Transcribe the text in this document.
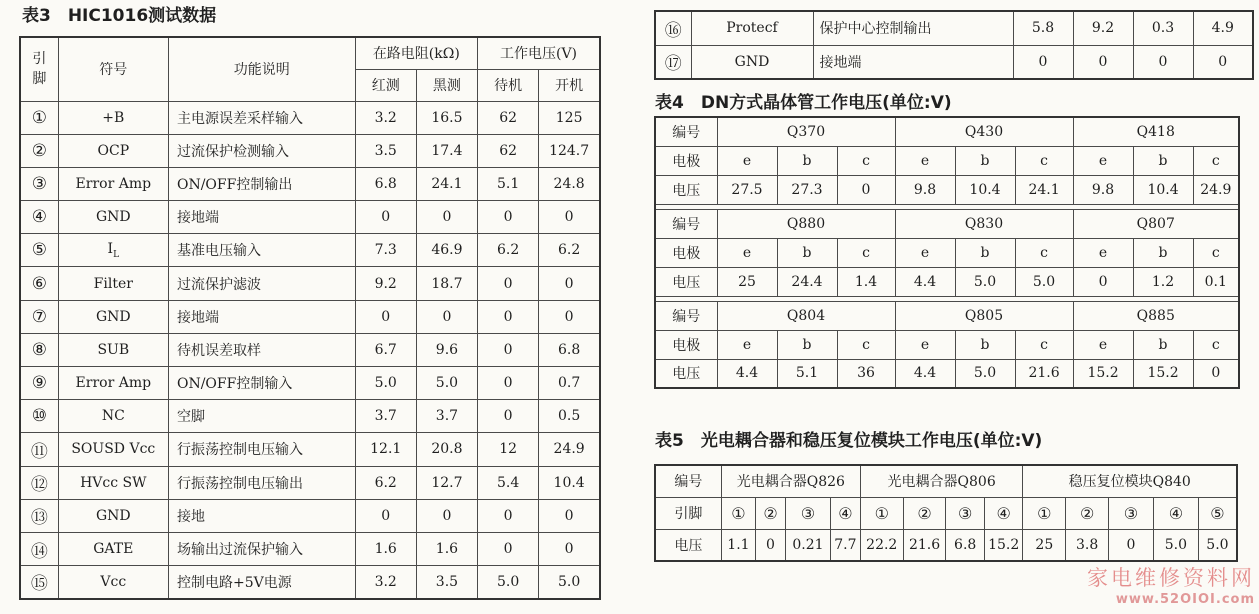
表3　HIC1016测试数据
引
脚	符号	功能说明	在路电阻(kΩ)		工作电压(V)	
			红测	黑测	待机	开机
①	+B	主电源误差采样输入	3.2	16.5	62	125
②	OCP	过流保护检测输入	3.5	17.4	62	124.7
③	Error Amp	ON/OFF控制输出	6.8	24.1	5.1	24.8
④	GND	接地端	0	0	0	0
⑤	$I_L$	基准电压输入	7.3	46.9	6.2	6.2
⑥	Filter	过流保护滤波	9.2	18.7	0	0
⑦	GND	接地端	0	0	0	0
⑧	SUB	待机误差取样	6.7	9.6	0	6.8
⑨	Error Amp	ON/OFF控制输入	5.0	5.0	0	0.7
⑩	NC	空脚	3.7	3.7	0	0.5
⑪	SOUSD Vcc	行振荡控制电压输入	12.1	20.8	12	24.9
⑫	HVcc SW	行振荡控制电压输出	6.2	12.7	5.4	10.4
⑬	GND	接地	0	0	0	0
⑭	GATE	场输出过流保护输入	1.6	1.6	0	0
⑮	Vcc	控制电路+5V电源	3.2	3.5	5.0	5.0
⑯	Protecf	保护中心控制输出	5.8	9.2	0.3	4.9
⑰	GND	接地端	0	0	0	0
表4　DN方式晶体管工作电压(单位:V)
编号	Q370			Q430			Q418		
电极	e	b	c	e	b	c	e	b	c
电压	27.5	27.3	0	9.8	10.4	24.1	9.8	10.4	24.9

编号	Q880			Q830			Q807		
电极	e	b	c	e	b	c	e	b	c
电压	25	24.4	1.4	4.4	5.0	5.0	0	1.2	0.1

编号	Q804			Q805			Q885		
电极	e	b	c	e	b	c	e	b	c
电压	4.4	5.1	36	4.4	5.0	21.6	15.2	15.2	0
表5　光电耦合器和稳压复位模块工作电压(单位:V)
编号	光电耦合器Q826				光电耦合器Q806				稳压复位模块Q840				
引脚	①	②	③	④	①	②	③	④	①	②	③	④	⑤
电压	1.1	0	0.21	7.7	22.2	21.6	6.8	15.2	25	3.8	0	5.0	5.0
家电维修资料网
www.52OIOI.com
